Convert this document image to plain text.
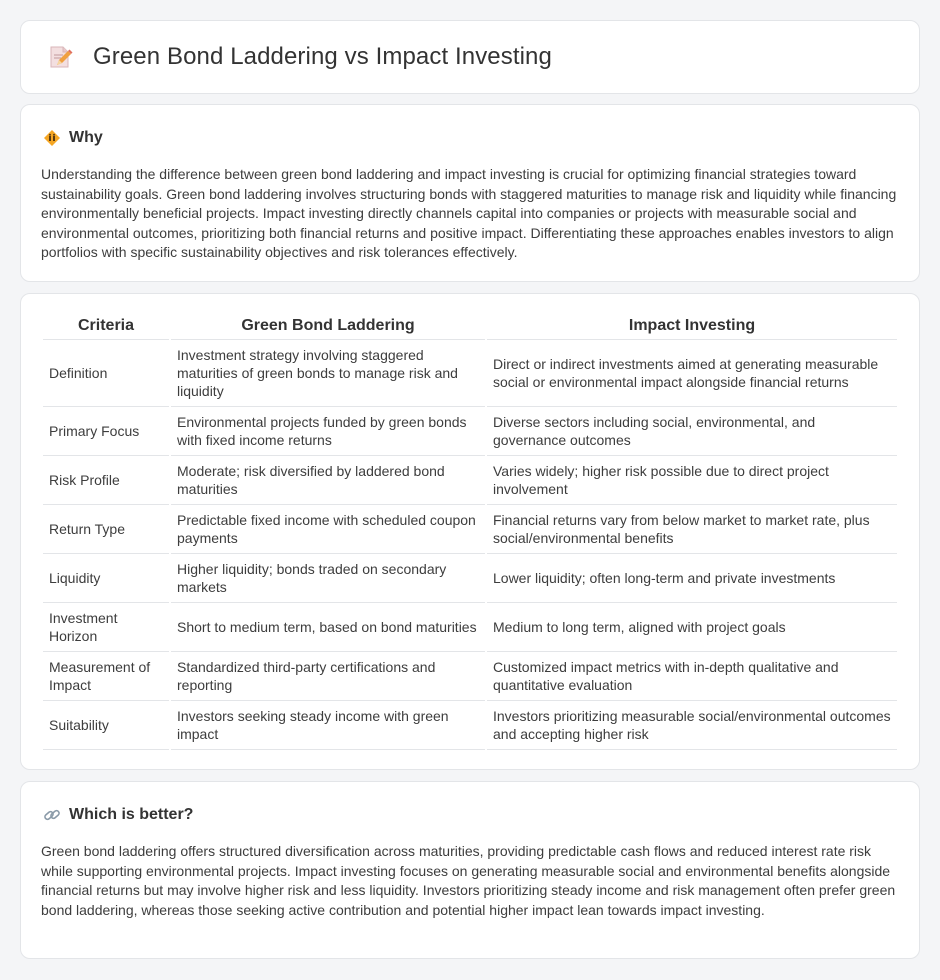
Green Bond Laddering vs Impact Investing
Why

Understanding the difference between green bond laddering and impact investing is crucial for optimizing financial strategies toward sustainability goals. Green bond laddering involves structuring bonds with staggered maturities to manage risk and liquidity while financing environmentally beneficial projects. Impact investing directly channels capital into companies or projects with measurable social and environmental outcomes, prioritizing both financial returns and positive impact. Differentiating these approaches enables investors to align portfolios with specific sustainability objectives and risk tolerances effectively.

Criteria	Green Bond Laddering	Impact Investing
Definition	Investment strategy involving staggered maturities of green bonds to manage risk and liquidity	Direct or indirect investments aimed at generating measurable social or environmental impact alongside financial returns
Primary Focus	Environmental projects funded by green bonds with fixed income returns	Diverse sectors including social, environmental, and governance outcomes
Risk Profile	Moderate; risk diversified by laddered bond maturities	Varies widely; higher risk possible due to direct project involvement
Return Type	Predictable fixed income with scheduled coupon payments	Financial returns vary from below market to market rate, plus social/environmental benefits
Liquidity	Higher liquidity; bonds traded on secondary markets	Lower liquidity; often long-term and private investments
Investment Horizon	Short to medium term, based on bond maturities	Medium to long term, aligned with project goals
Measurement of Impact	Standardized third-party certifications and reporting	Customized impact metrics with in-depth qualitative and quantitative evaluation
Suitability	Investors seeking steady income with green impact	Investors prioritizing measurable social/environmental outcomes and accepting higher risk
Which is better?

Green bond laddering offers structured diversification across maturities, providing predictable cash flows and reduced interest rate risk while supporting environmental projects. Impact investing focuses on generating measurable social and environmental benefits alongside financial returns but may involve higher risk and less liquidity. Investors prioritizing steady income and risk management often prefer green bond laddering, whereas those seeking active contribution and potential higher impact lean towards impact investing.
